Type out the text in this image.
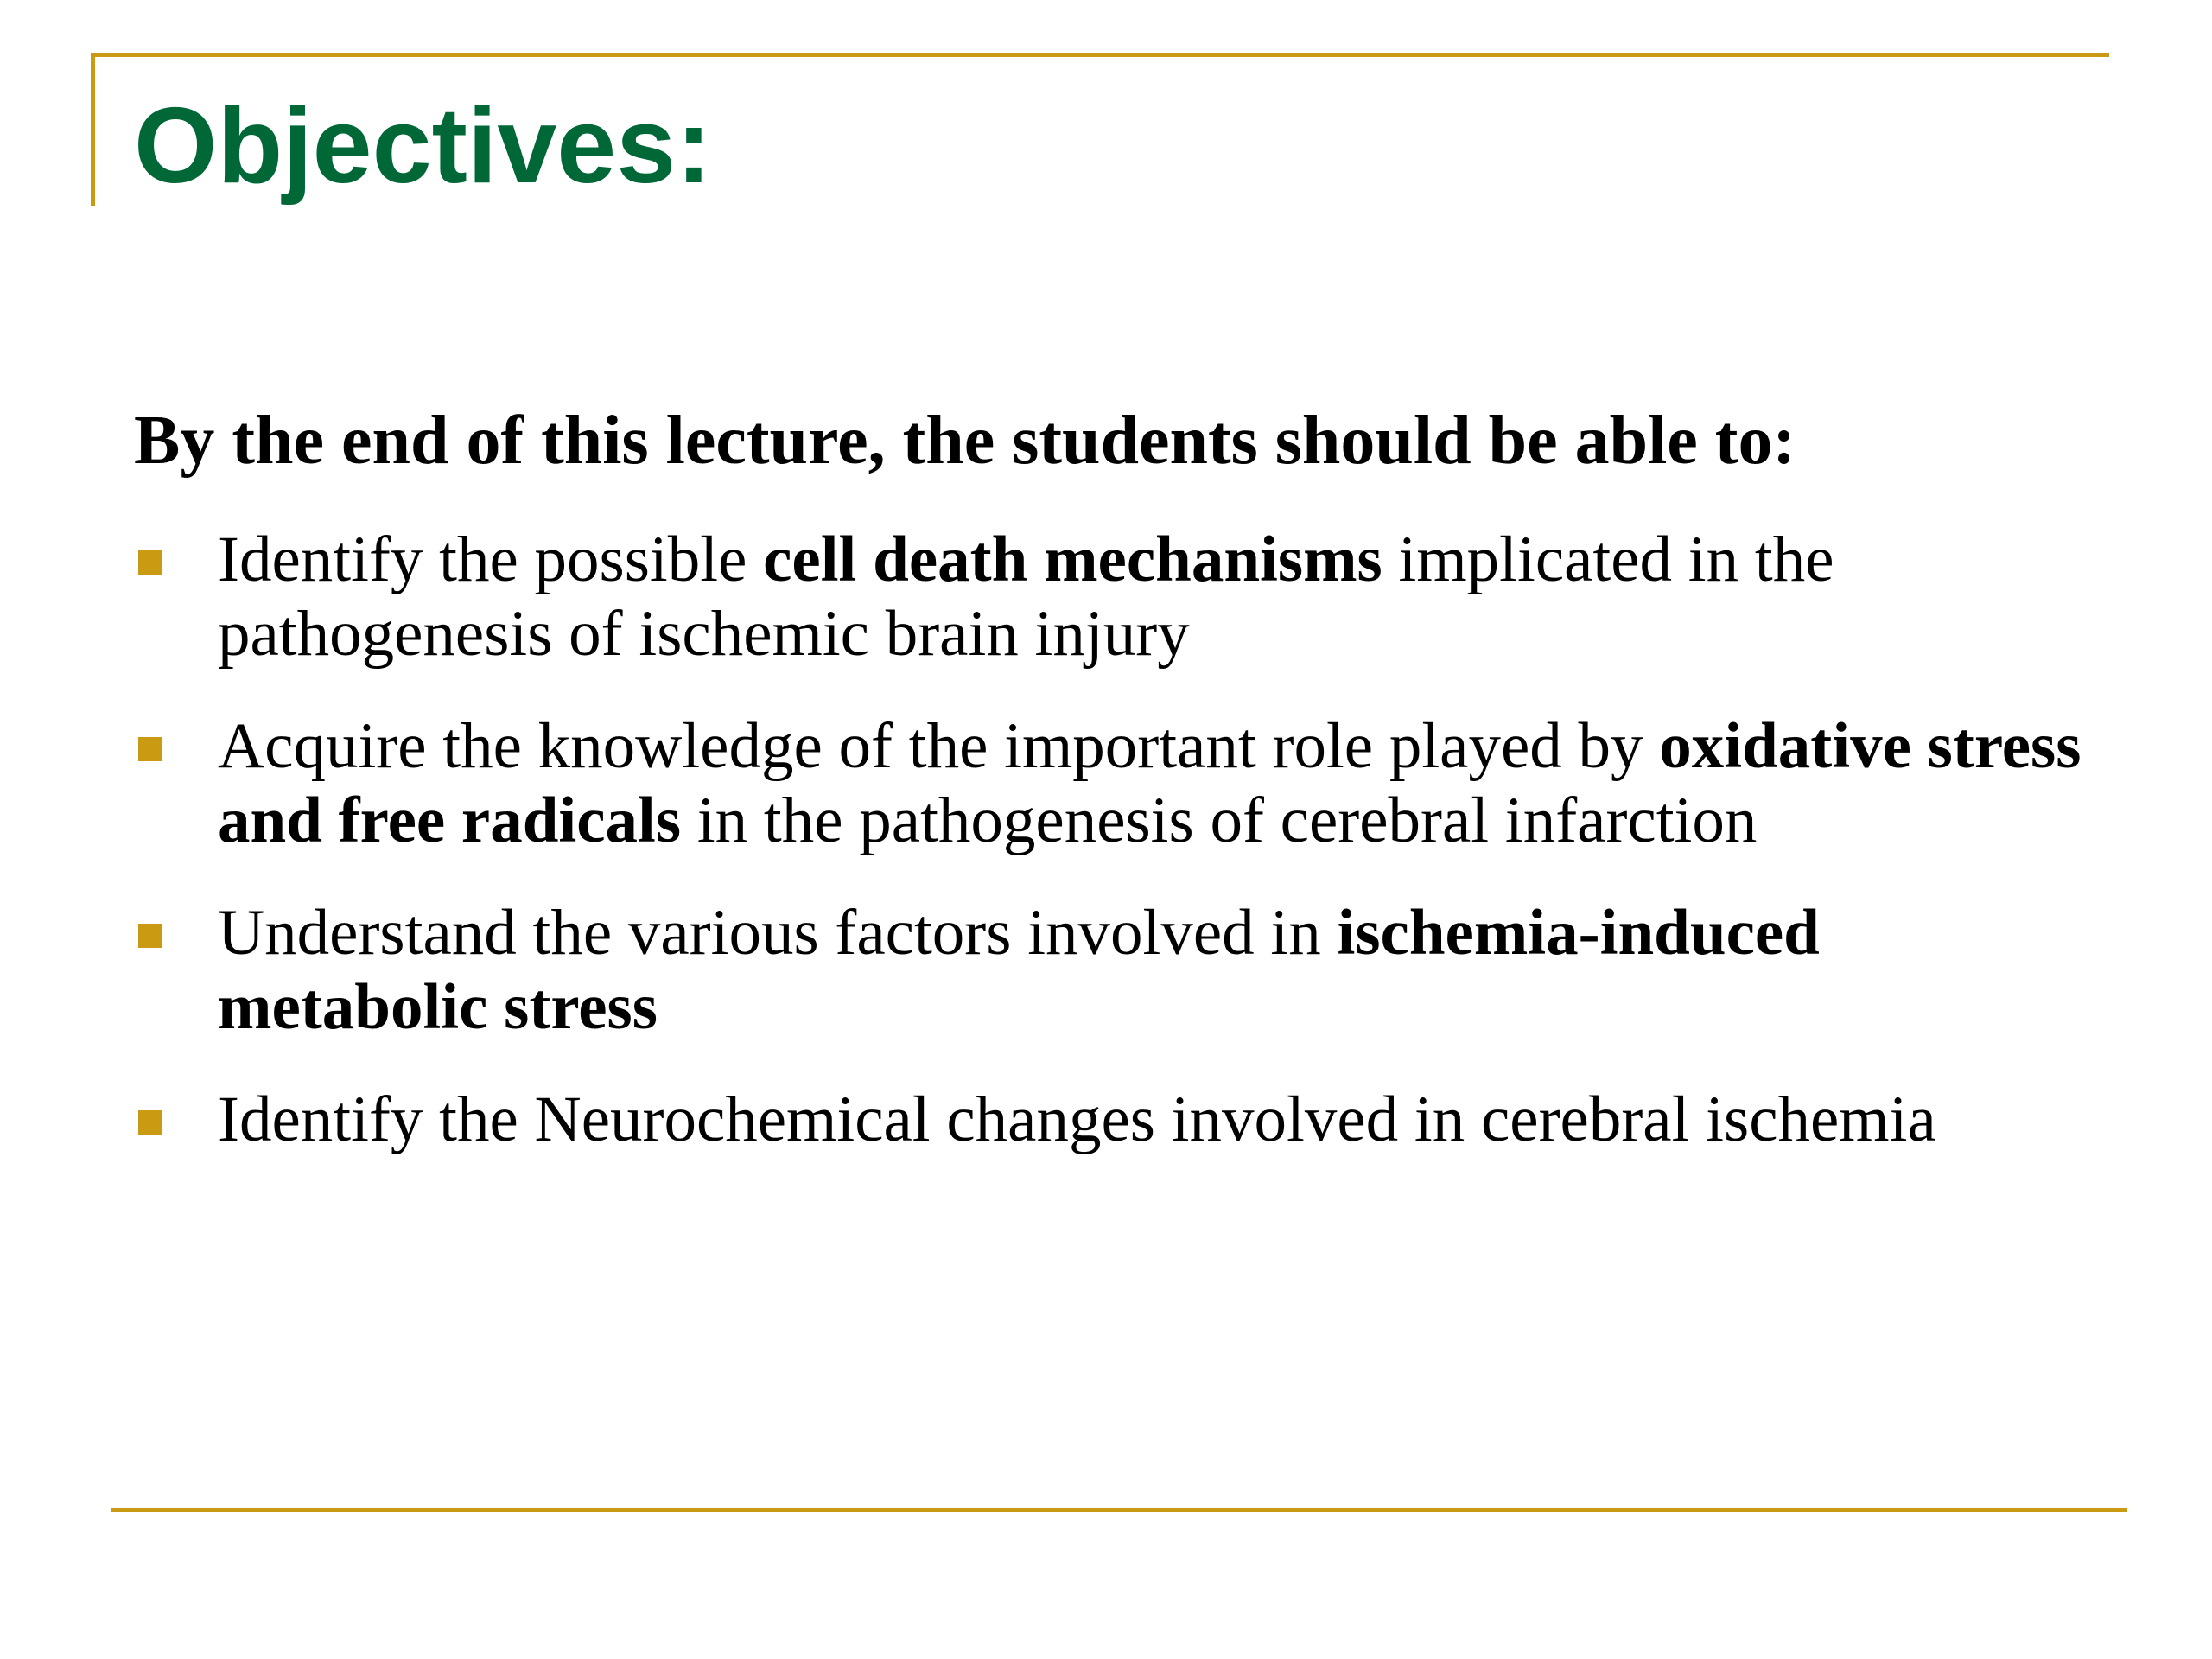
Objectives:

By the end of this lecture, the students should be able to:

Identify the possible cell death mechanisms implicated in the pathogenesis of ischemic brain injury
Acquire the knowledge of the important role played by oxidative stress and free radicals in the pathogenesis of cerebral infarction
Understand the various factors involved in ischemia-induced metabolic stress
Identify the Neurochemical changes involved in cerebral ischemia
